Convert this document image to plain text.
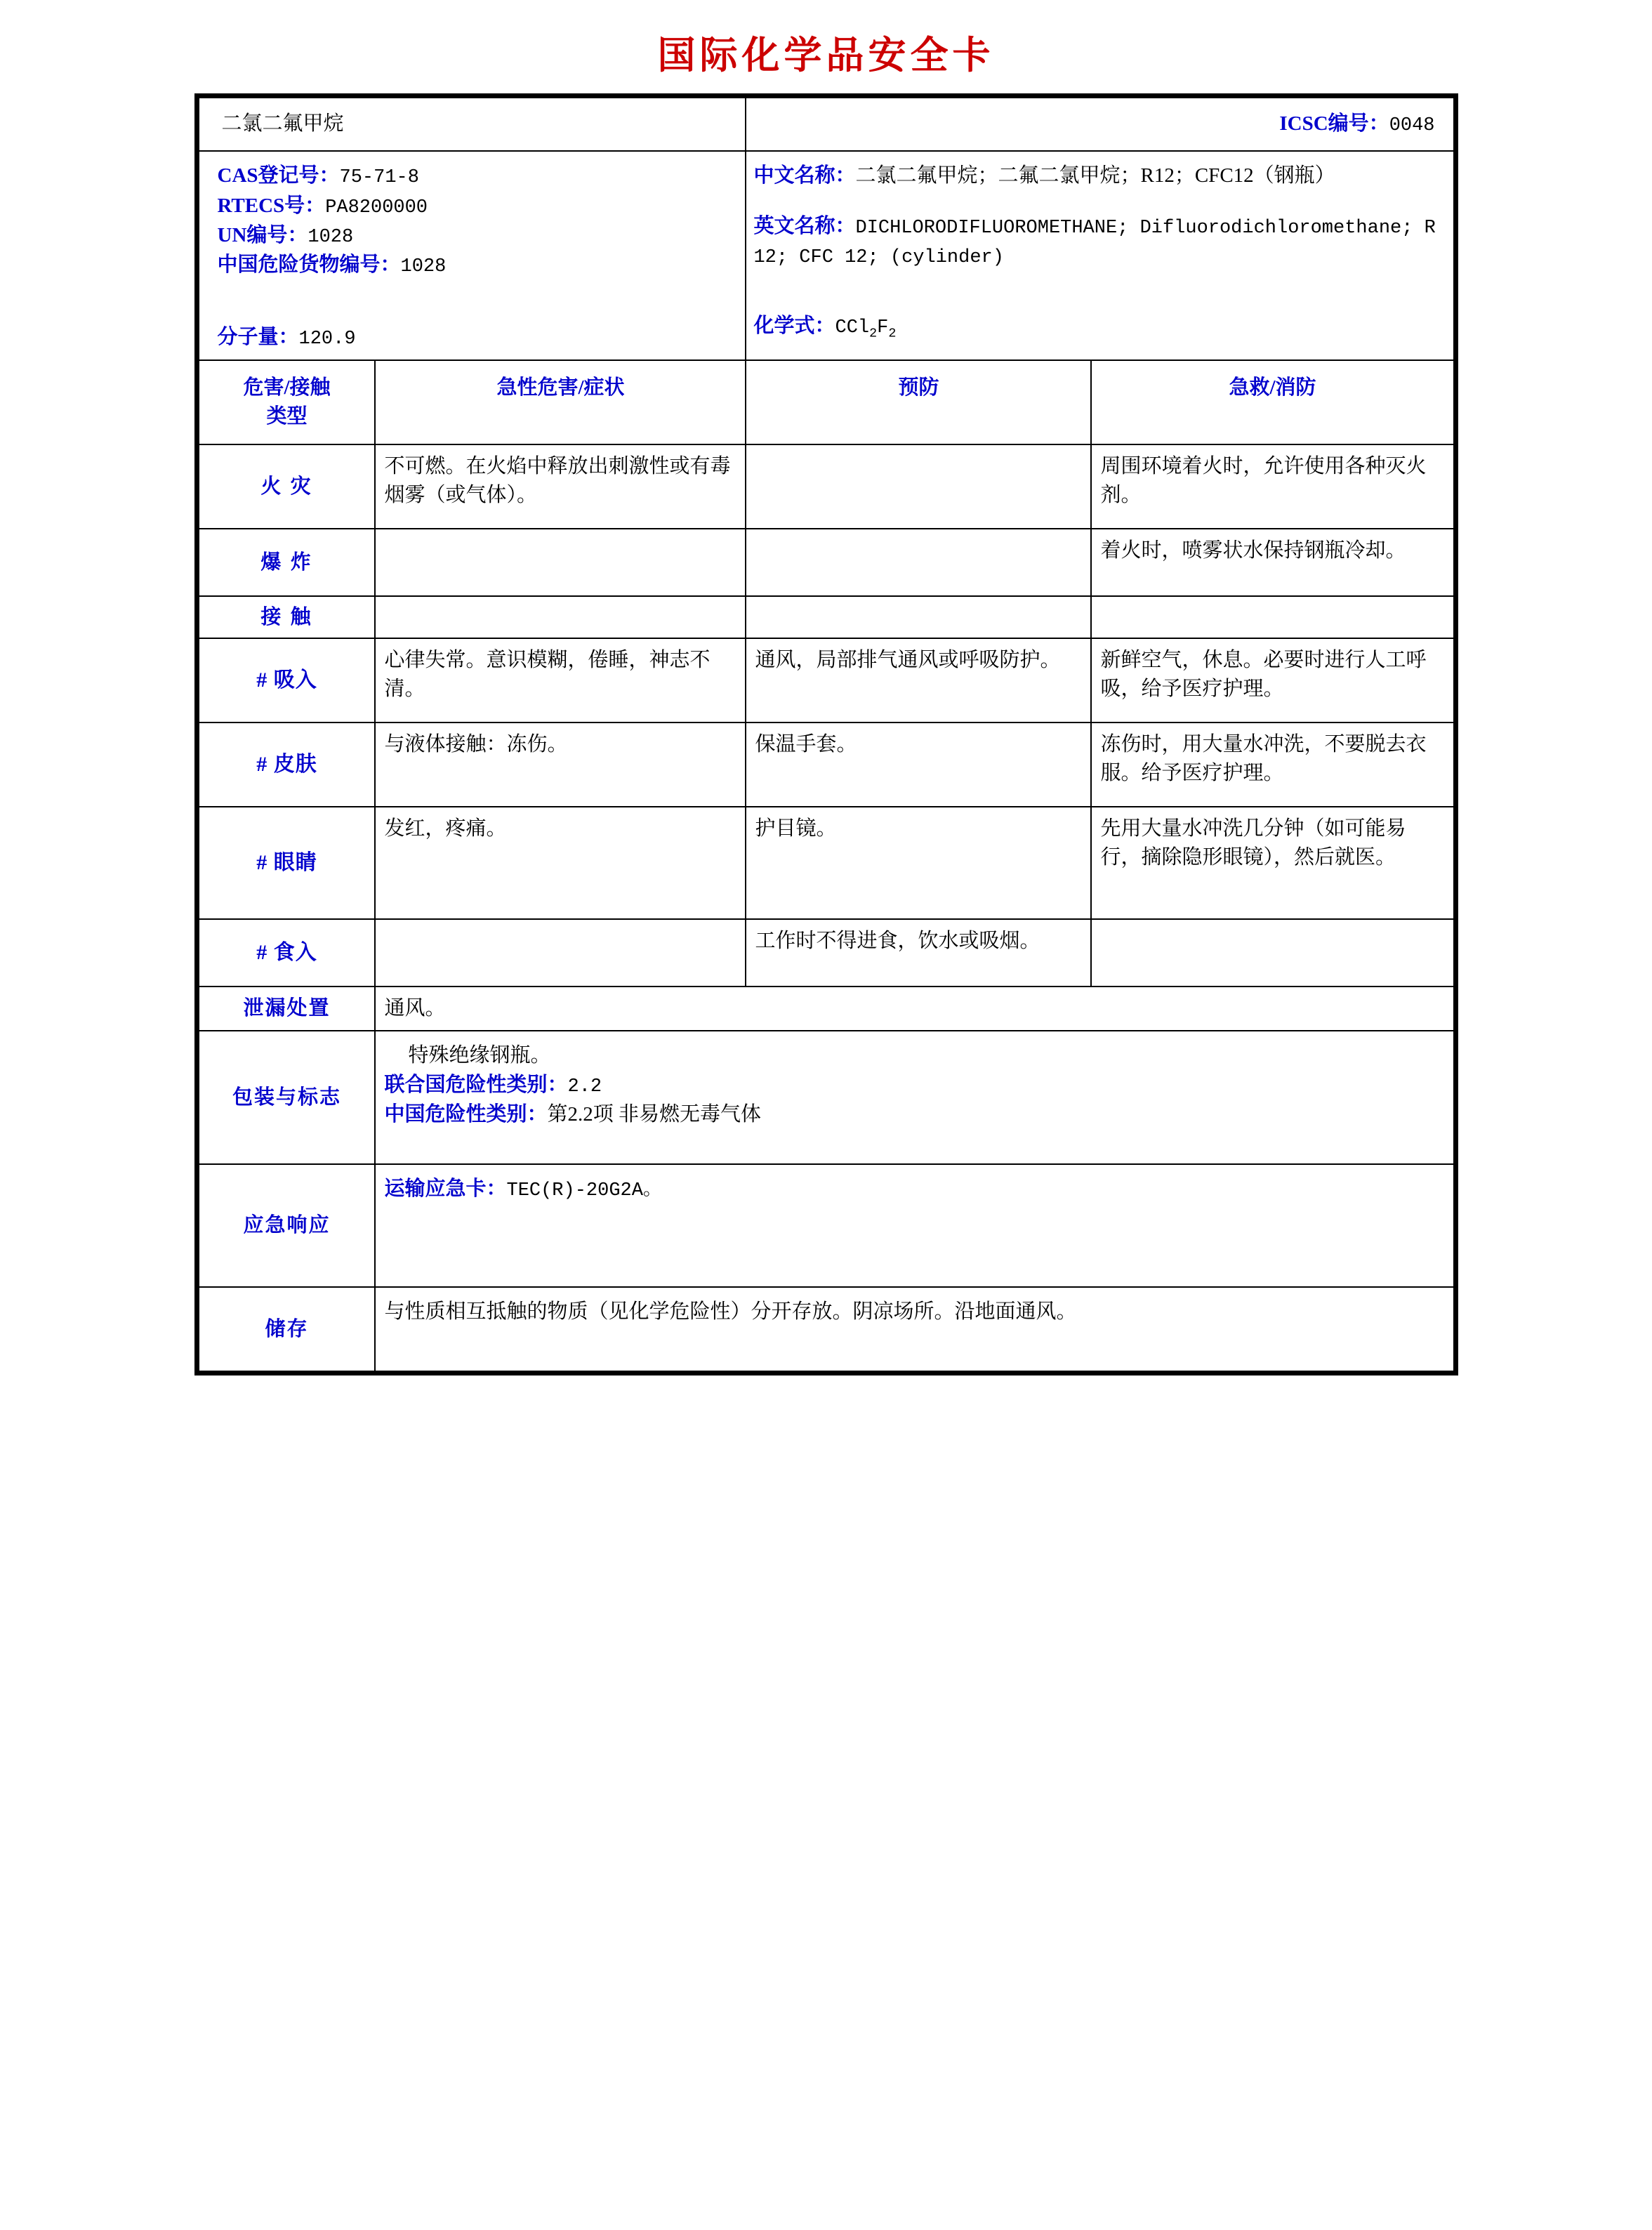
国际化学品安全卡
二氯二氟甲烷		ICSC编号：0048	

CAS登记号：75-71-8
RTECS号：PA8200000
UN编号：1028
中国危险货物编号：1028
分子量：120.9

中文名称：二氯二氟甲烷；二氟二氯甲烷；R12；CFC12（钢瓶）
英文名称：DICHLORODIFLUOROMETHANE; Difluorodichloromethane; R 12; CFC 12; (cylinder)
化学式：$CCl_2F_2$

危害/接触
类型	急性危害/症状	预防	急救/消防
火 灾	不可燃。在火焰中释放出刺激性或有毒烟雾（或气体）。		周围环境着火时，允许使用各种灭火剂。
爆 炸			着火时，喷雾状水保持钢瓶冷却。
接 触			
# 吸入	心律失常。意识模糊，倦睡，神志不清。	通风，局部排气通风或呼吸防护。	新鲜空气，休息。必要时进行人工呼吸，给予医疗护理。
# 皮肤	与液体接触：冻伤。	保温手套。	冻伤时，用大量水冲洗，不要脱去衣服。给予医疗护理。
# 眼睛	发红，疼痛。	护目镜。	先用大量水冲洗几分钟（如可能易行，摘除隐形眼镜），然后就医。
# 食入		工作时不得进食，饮水或吸烟。	
泄漏处置	通风。		
包装与标志	特殊绝缘钢瓶。
联合国危险性类别：2.2
中国危险性类别：第2.2项 非易燃无毒气体		

应急响应	运输应急卡：TEC(R)-20G2A。		

储存	与性质相互抵触的物质（见化学危险性）分开存放。阴凉场所。沿地面通风。		
